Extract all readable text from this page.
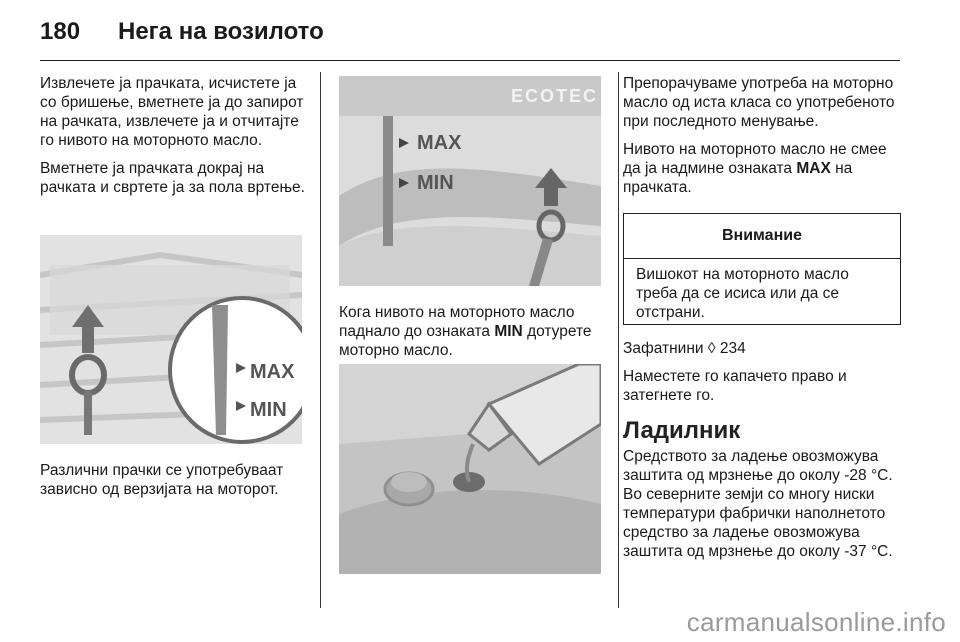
180	Нега на возилото

Извлечете ја прачката, исчистете ја со бришење, вметнете ја до запирот на рачката, извлечете ја и отчитајте го нивото на моторното масло.

Вметнете ја прачката докрај на рачката и свртете ја за пола вртење.

MAX
MIN

Различни прачки се употребуваат зависно од верзијата на моторот.

ECOTEC
MAX
MIN

Кога нивото на моторното масло паднало до ознаката MIN дотурете моторно масло.

Препорачуваме употреба на моторно масло од иста класа со употребеното при последното менување.

Нивото на моторното масло не смее да ја надмине ознаката MAX на прачката.

Внимание
Вишокот на моторното масло треба да се исиса или да се отстрани.

Зафатнини ◊ 234

Наместете го капачето право и затегнете го.

Ладилник

Средството за ладење овозможува заштита од мрзнење до околу -28 °C. Во северните земји со многу ниски температури фабрички наполнетото средство за ладење овозможува заштита од мрзнење до околу -37 °C.

carmanualsonline.info
